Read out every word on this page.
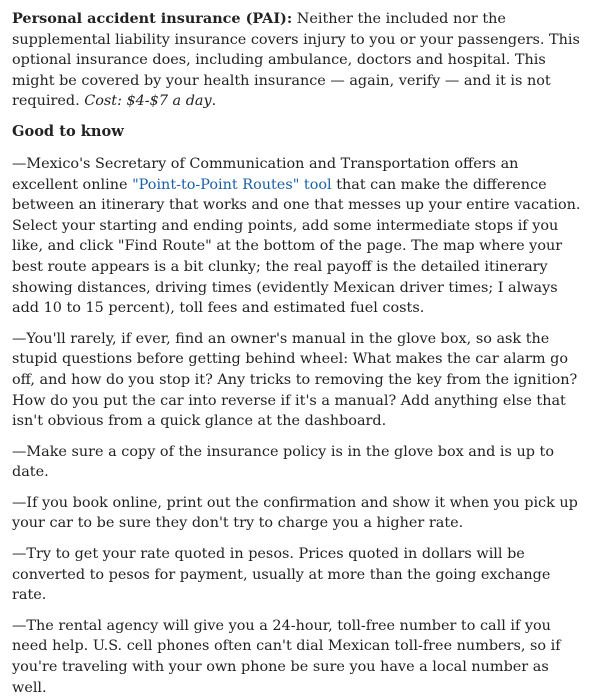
Personal accident insurance (PAI): Neither the included nor the supplemental liability insurance covers injury to you or your passengers. This optional insurance does, including ambulance, doctors and hospital. This might be covered by your health insurance — again, verify — and it is not required. Cost: $4-$7 a day.

Good to know

—Mexico's Secretary of Communication and Transportation offers an excellent online "Point-to-Point Routes" tool that can make the difference between an itinerary that works and one that messes up your entire vacation. Select your starting and ending points, add some intermediate stops if you like, and click "Find Route" at the bottom of the page. The map where your best route appears is a bit clunky; the real payoff is the detailed itinerary showing distances, driving times (evidently Mexican driver times; I always add 10 to 15 percent), toll fees and estimated fuel costs.

—You'll rarely, if ever, find an owner's manual in the glove box, so ask the stupid questions before getting behind wheel: What makes the car alarm go off, and how do you stop it? Any tricks to removing the key from the ignition? How do you put the car into reverse if it's a manual? Add anything else that isn't obvious from a quick glance at the dashboard.

—Make sure a copy of the insurance policy is in the glove box and is up to date.

—If you book online, print out the confirmation and show it when you pick up your car to be sure they don't try to charge you a higher rate.

—Try to get your rate quoted in pesos. Prices quoted in dollars will be converted to pesos for payment, usually at more than the going exchange rate.

—The rental agency will give you a 24-hour, toll-free number to call if you need help. U.S. cell phones often can't dial Mexican toll-free numbers, so if you're traveling with your own phone be sure you have a local number as well.
